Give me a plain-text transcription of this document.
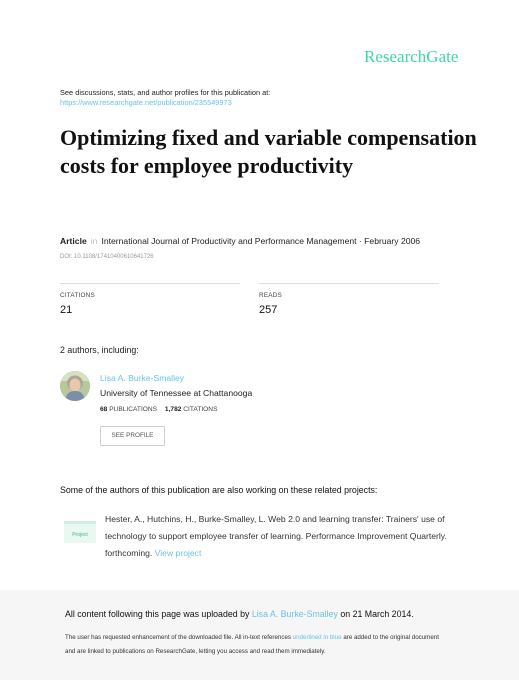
ResearchGate
See discussions, stats, and author profiles for this publication at:
https://www.researchgate.net/publication/235549973
Optimizing fixed and variable compensation costs for employee productivity
Article in International Journal of Productivity and Performance Management · February 2006
DOI: 10.1108/17410400610641726
CITATIONS
21
READS
257
2 authors, including:
Lisa A. Burke-Smalley
University of Tennessee at Chattanooga
68 PUBLICATIONS 1,782 CITATIONS
SEE PROFILE
Some of the authors of this publication are also working on these related projects:
Project
Hester, A., Hutchins, H., Burke-Smalley, L. Web 2.0 and learning transfer: Trainers' use of technology to support employee transfer of learning. Performance Improvement Quarterly. forthcoming. View project
All content following this page was uploaded by Lisa A. Burke-Smalley on 21 March 2014.
The user has requested enhancement of the downloaded file. All in-text references underlined in blue are added to the original document
and are linked to publications on ResearchGate, letting you access and read them immediately.
